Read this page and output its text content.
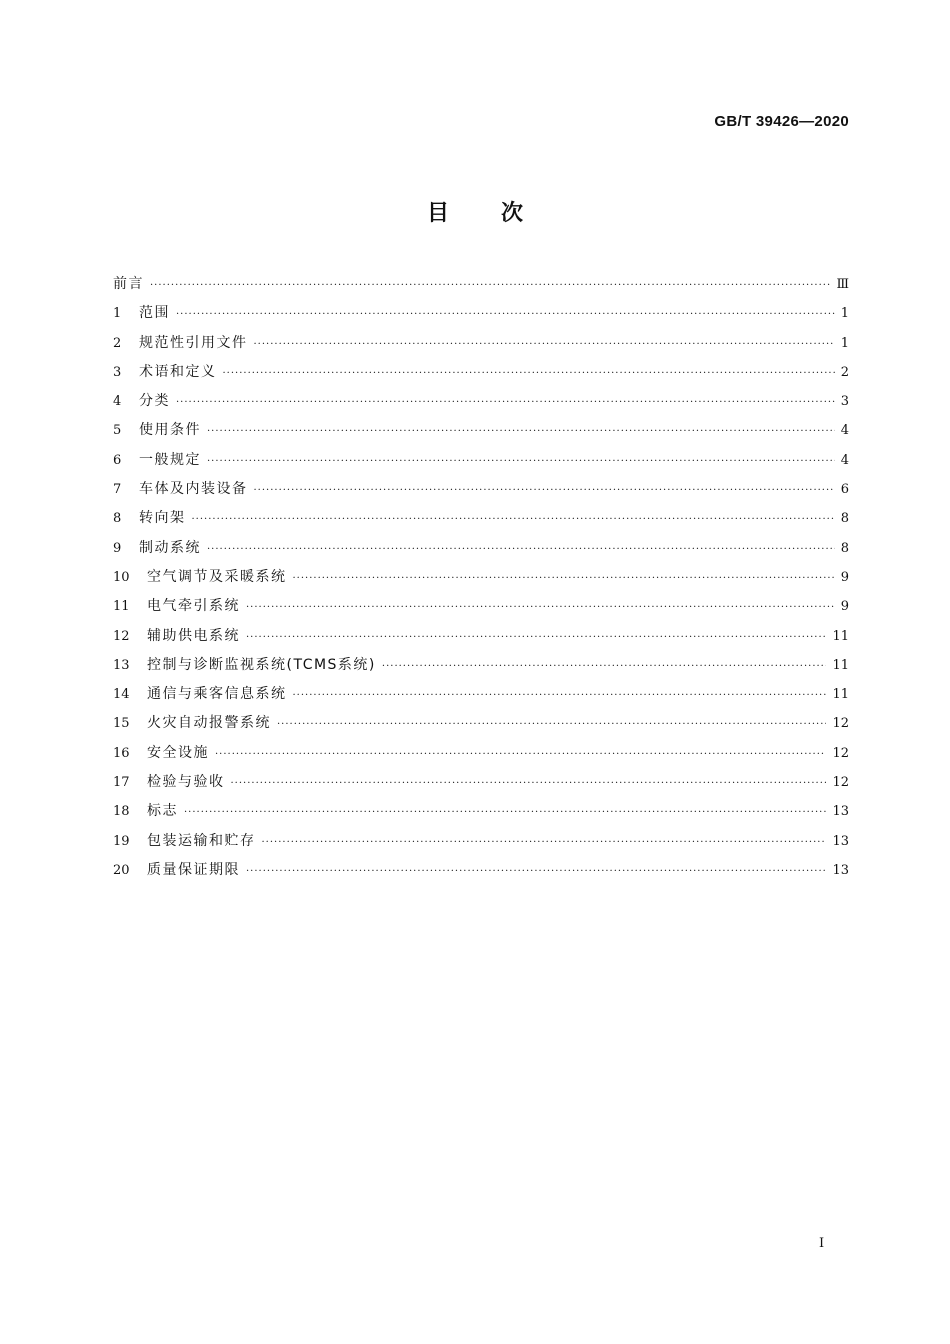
GB/T 39426—2020
目次
前言 ·····	Ⅲ
1	范围 ·····	1
2	规范性引用文件 ·····	1
3	术语和定义 ·····	2
4	分类 ·····	3
5	使用条件 ·····	4
6	一般规定 ·····	4
7	车体及内装设备 ·····	6
8	转向架 ·····	8
9	制动系统 ·····	8
10	空气调节及采暖系统 ·····	9
11	电气牵引系统 ·····	9
12	辅助供电系统 ·····	11
13	控制与诊断监视系统(TCMS系统) ·····	11
14	通信与乘客信息系统 ·····	11
15	火灾自动报警系统 ·····	12
16	安全设施 ·····	12
17	检验与验收 ·····	12
18	标志 ·····	13
19	包装运输和贮存 ·····	13
20	质量保证期限 ·····	13
I
